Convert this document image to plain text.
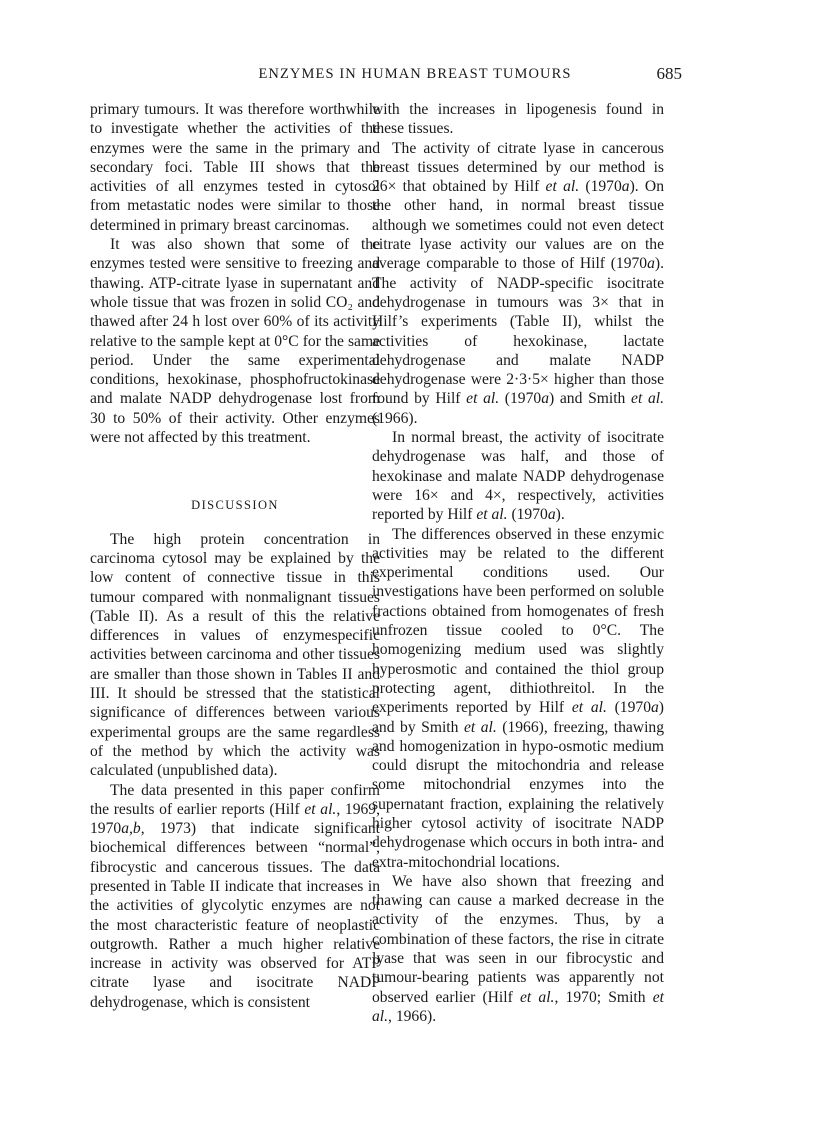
ENZYMES IN HUMAN BREAST TUMOURS	685

primary tumours. It was therefore worthwhile to investigate whether the activities of the enzymes were the same in the primary and secondary foci. Table III shows that the activities of all enzymes tested in cytosol from metastatic nodes were similar to those determined in primary breast carcinomas.

It was also shown that some of the enzymes tested were sensitive to freezing and thawing. ATP-citrate lyase in supernatant and whole tissue that was frozen in solid CO₂ and thawed after 24 h lost over 60% of its activity relative to the sample kept at 0°C for the same period. Under the same experimental conditions, hexokinase, phosphofructokinase and malate NADP dehydrogenase lost from 30 to 50% of their activity. Other enzymes were not affected by this treatment.

DISCUSSION

The high protein concentration in carcinoma cytosol may be explained by the low content of connective tissue in this tumour compared with nonmalignant tissues (Table II). As a result of this the relative differences in values of enzymespecific activities between carcinoma and other tissues are smaller than those shown in Tables II and III. It should be stressed that the statistical significance of differences between various experimental groups are the same regardless of the method by which the activity was calculated (unpublished data).

The data presented in this paper confirm the results of earlier reports (Hilf et al., 1969, 1970a,b, 1973) that indicate significant biochemical differences between “normal”, fibrocystic and cancerous tissues. The data presented in Table II indicate that increases in the activities of glycolytic enzymes are not the most characteristic feature of neoplastic outgrowth. Rather a much higher relative increase in activity was observed for ATP citrate lyase and isocitrate NADP dehydrogenase, which is consistent

with the increases in lipogenesis found in these tissues.

The activity of citrate lyase in cancerous breast tissues determined by our method is 26× that obtained by Hilf et al. (1970a). On the other hand, in normal breast tissue although we sometimes could not even detect citrate lyase activity our values are on the average comparable to those of Hilf (1970a). The activity of NADP-specific isocitrate dehydrogenase in tumours was 3× that in Hilf’s experiments (Table II), whilst the activities of hexokinase, lactate dehydrogenase and malate NADP dehydrogenase were 2·3·5× higher than those found by Hilf et al. (1970a) and Smith et al. (1966).

In normal breast, the activity of isocitrate dehydrogenase was half, and those of hexokinase and malate NADP dehydrogenase were 16× and 4×, respectively, activities reported by Hilf et al. (1970a).

The differences observed in these enzymic activities may be related to the different experimental conditions used. Our investigations have been performed on soluble fractions obtained from homogenates of fresh unfrozen tissue cooled to 0°C. The homogenizing medium used was slightly hyperosmotic and contained the thiol group protecting agent, dithiothreitol. In the experiments reported by Hilf et al. (1970a) and by Smith et al. (1966), freezing, thawing and homogenization in hypo-osmotic medium could disrupt the mitochondria and release some mitochondrial enzymes into the supernatant fraction, explaining the relatively higher cytosol activity of isocitrate NADP dehydrogenase which occurs in both intra- and extra-mitochondrial locations.

We have also shown that freezing and thawing can cause a marked decrease in the activity of the enzymes. Thus, by a combination of these factors, the rise in citrate lyase that was seen in our fibrocystic and tumour-bearing patients was apparently not observed earlier (Hilf et al., 1970; Smith et al., 1966).
